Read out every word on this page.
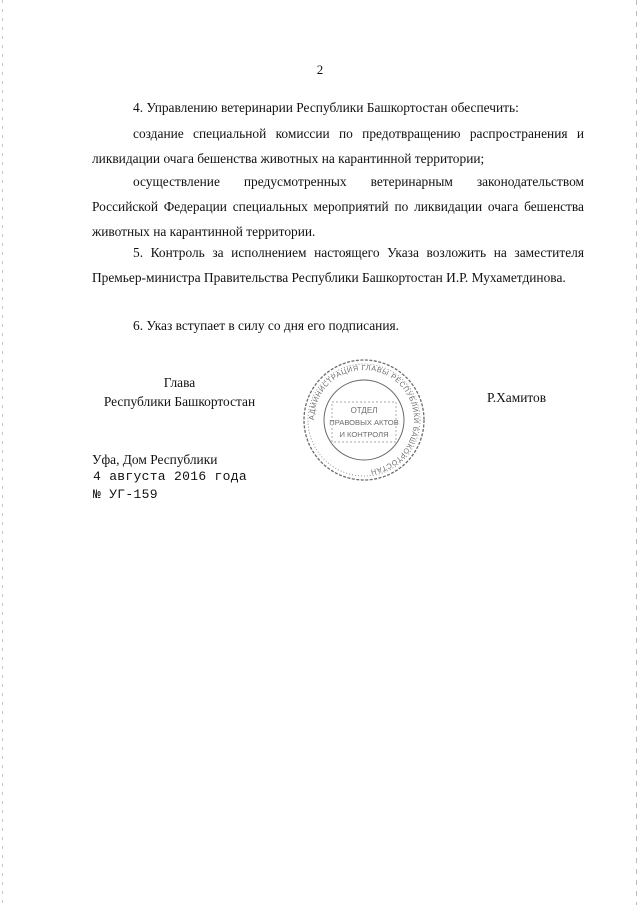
2

4. Управлению ветеринарии Республики Башкортостан обеспечить:

создание специальной комиссии по предотвращению распространения и ликвидации очага бешенства животных на карантинной территории;

осуществление предусмотренных ветеринарным законодательством Российской Федерации специальных мероприятий по ликвидации очага бешенства животных на карантинной территории.

5. Контроль за исполнением настоящего Указа возложить на заместителя Премьер-министра Правительства Республики Башкортостан И.Р. Мухаметдинова.

6. Указ вступает в силу со дня его подписания.

Глава
Республики Башкортостан	Р.Хамитов
Уфа, Дом Республики
4 августа 2016 года
№ УГ-159
АДМИНИСТРАЦИЯ ГЛАВЫ РЕСПУБЛИКИ БАШКОРТОСТАН
ОТДЕЛ
ПРАВОВЫХ АКТОВ
И КОНТРОЛЯ
